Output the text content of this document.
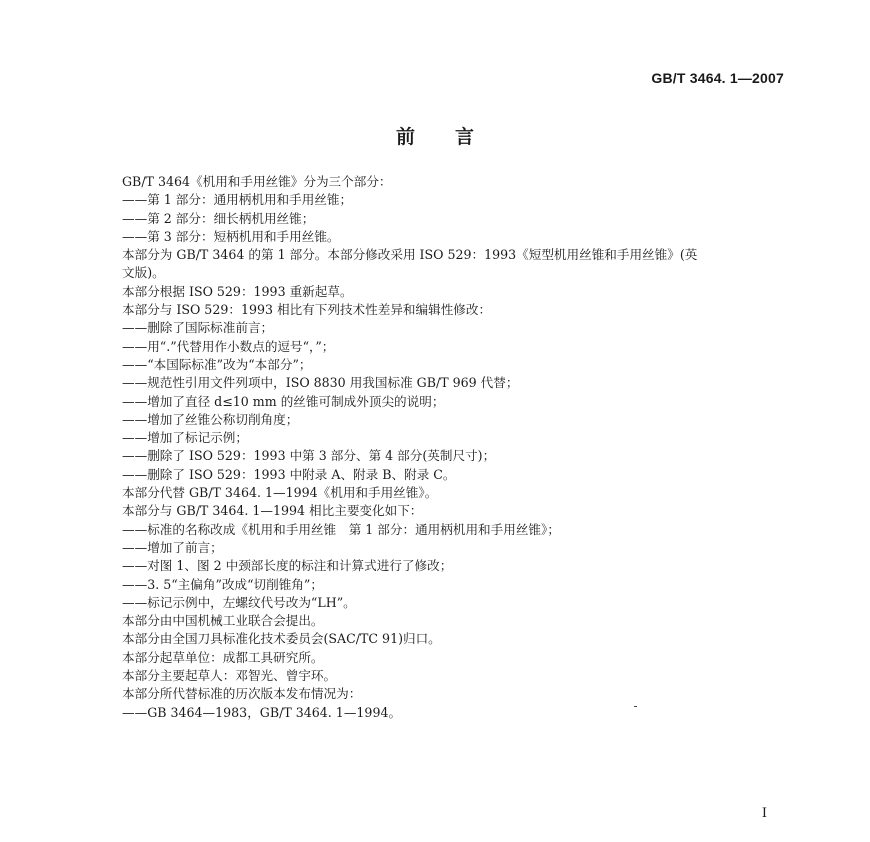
GB/T 3464. 1—2007
前言
GB/T 3464《机用和手用丝锥》分为三个部分：
——第 1 部分：通用柄机用和手用丝锥；
——第 2 部分：细长柄机用丝锥；
——第 3 部分：短柄机用和手用丝锥。
本部分为 GB/T 3464 的第 1 部分。本部分修改采用 ISO 529：1993《短型机用丝锥和手用丝锥》(英
文版)。
本部分根据 ISO 529：1993 重新起草。
本部分与 ISO 529：1993 相比有下列技术性差异和编辑性修改：
——删除了国际标准前言；
——用“.”代替用作小数点的逗号“，”；
——“本国际标准”改为“本部分”；
——规范性引用文件列项中，ISO 8830 用我国标准 GB/T 969 代替；
——增加了直径 d≤10 mm 的丝锥可制成外顶尖的说明；
——增加了丝锥公称切削角度；
——增加了标记示例；
——删除了 ISO 529：1993 中第 3 部分、第 4 部分(英制尺寸)；
——删除了 ISO 529：1993 中附录 A、附录 B、附录 C。
本部分代替 GB/T 3464. 1—1994《机用和手用丝锥》。
本部分与 GB/T 3464. 1—1994 相比主要变化如下：
——标准的名称改成《机用和手用丝锥　第 1 部分：通用柄机用和手用丝锥》；
——增加了前言；
——对图 1、图 2 中颈部长度的标注和计算式进行了修改；
——3. 5“主偏角”改成“切削锥角”；
——标记示例中，左螺纹代号改为“LH”。
本部分由中国机械工业联合会提出。
本部分由全国刀具标准化技术委员会(SAC/TC 91)归口。
本部分起草单位：成都工具研究所。
本部分主要起草人：邓智光、曾宇环。
本部分所代替标准的历次版本发布情况为：
——GB 3464—1983，GB/T 3464. 1—1994。
I
